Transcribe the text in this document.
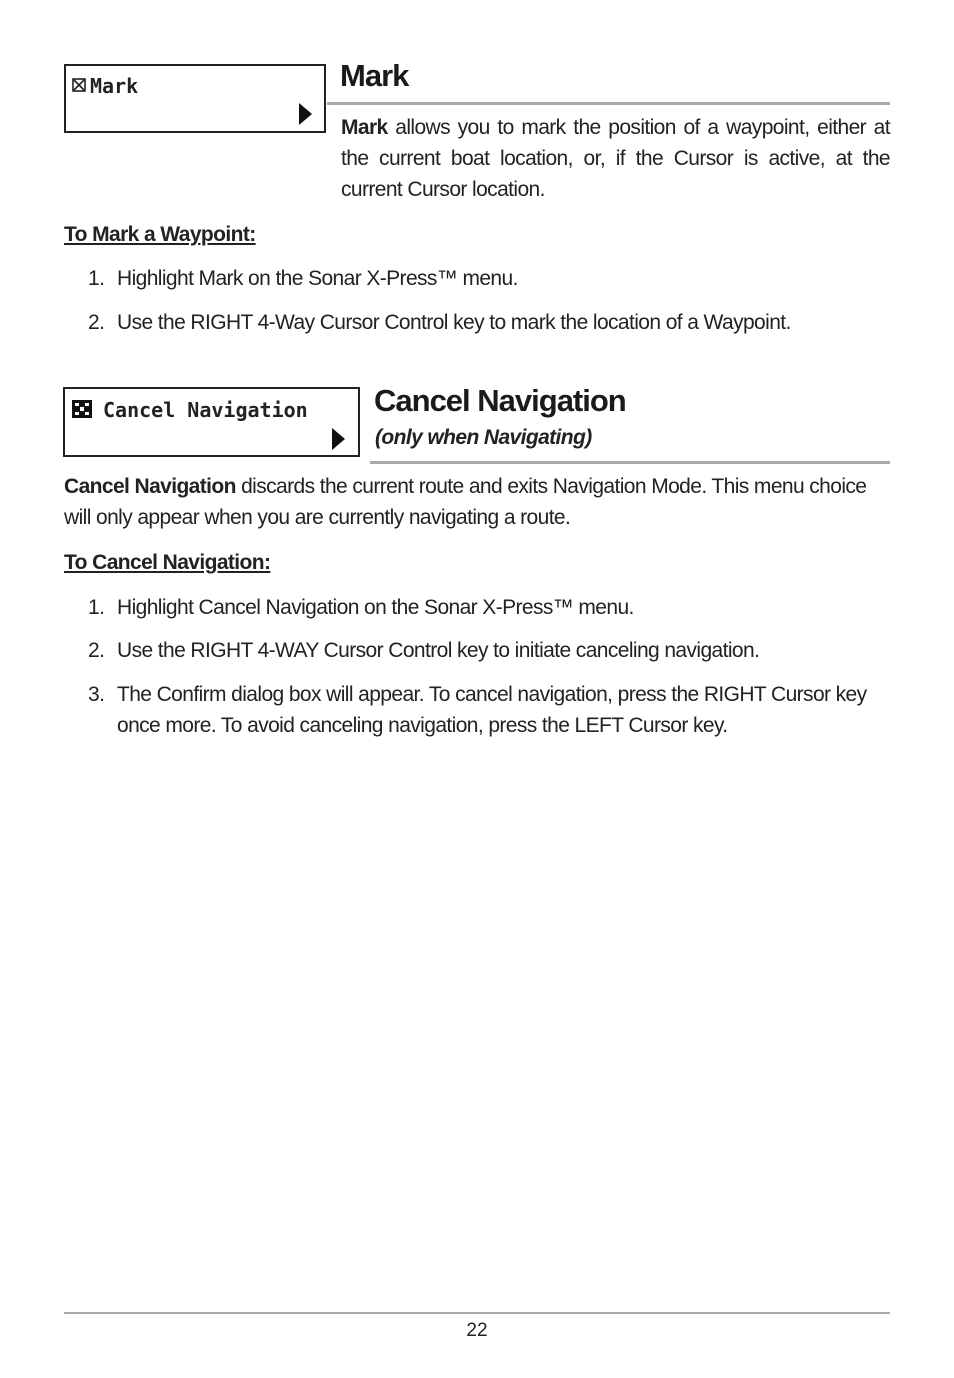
Mark	Mark

Mark allows you to mark the position of a waypoint, either at the current boat location, or, if the Cursor is active, at the current Cursor location.

To Mark a Waypoint:

1. Highlight Mark on the Sonar X-Press™ menu.
2. Use the RIGHT 4-Way Cursor Control key to mark the location of a Waypoint.
Cancel Navigation Cancel Navigation
(only when Navigating)

Cancel Navigation discards the current route and exits Navigation Mode. This menu choice will only appear when you are currently navigating a route.

To Cancel Navigation:

1. Highlight Cancel Navigation on the Sonar X-Press™ menu.
2. Use the RIGHT 4-WAY Cursor Control key to initiate canceling navigation.
3. The Confirm dialog box will appear. To cancel navigation, press the RIGHT Cursor key once more. To avoid canceling navigation, press the LEFT Cursor key.
22
